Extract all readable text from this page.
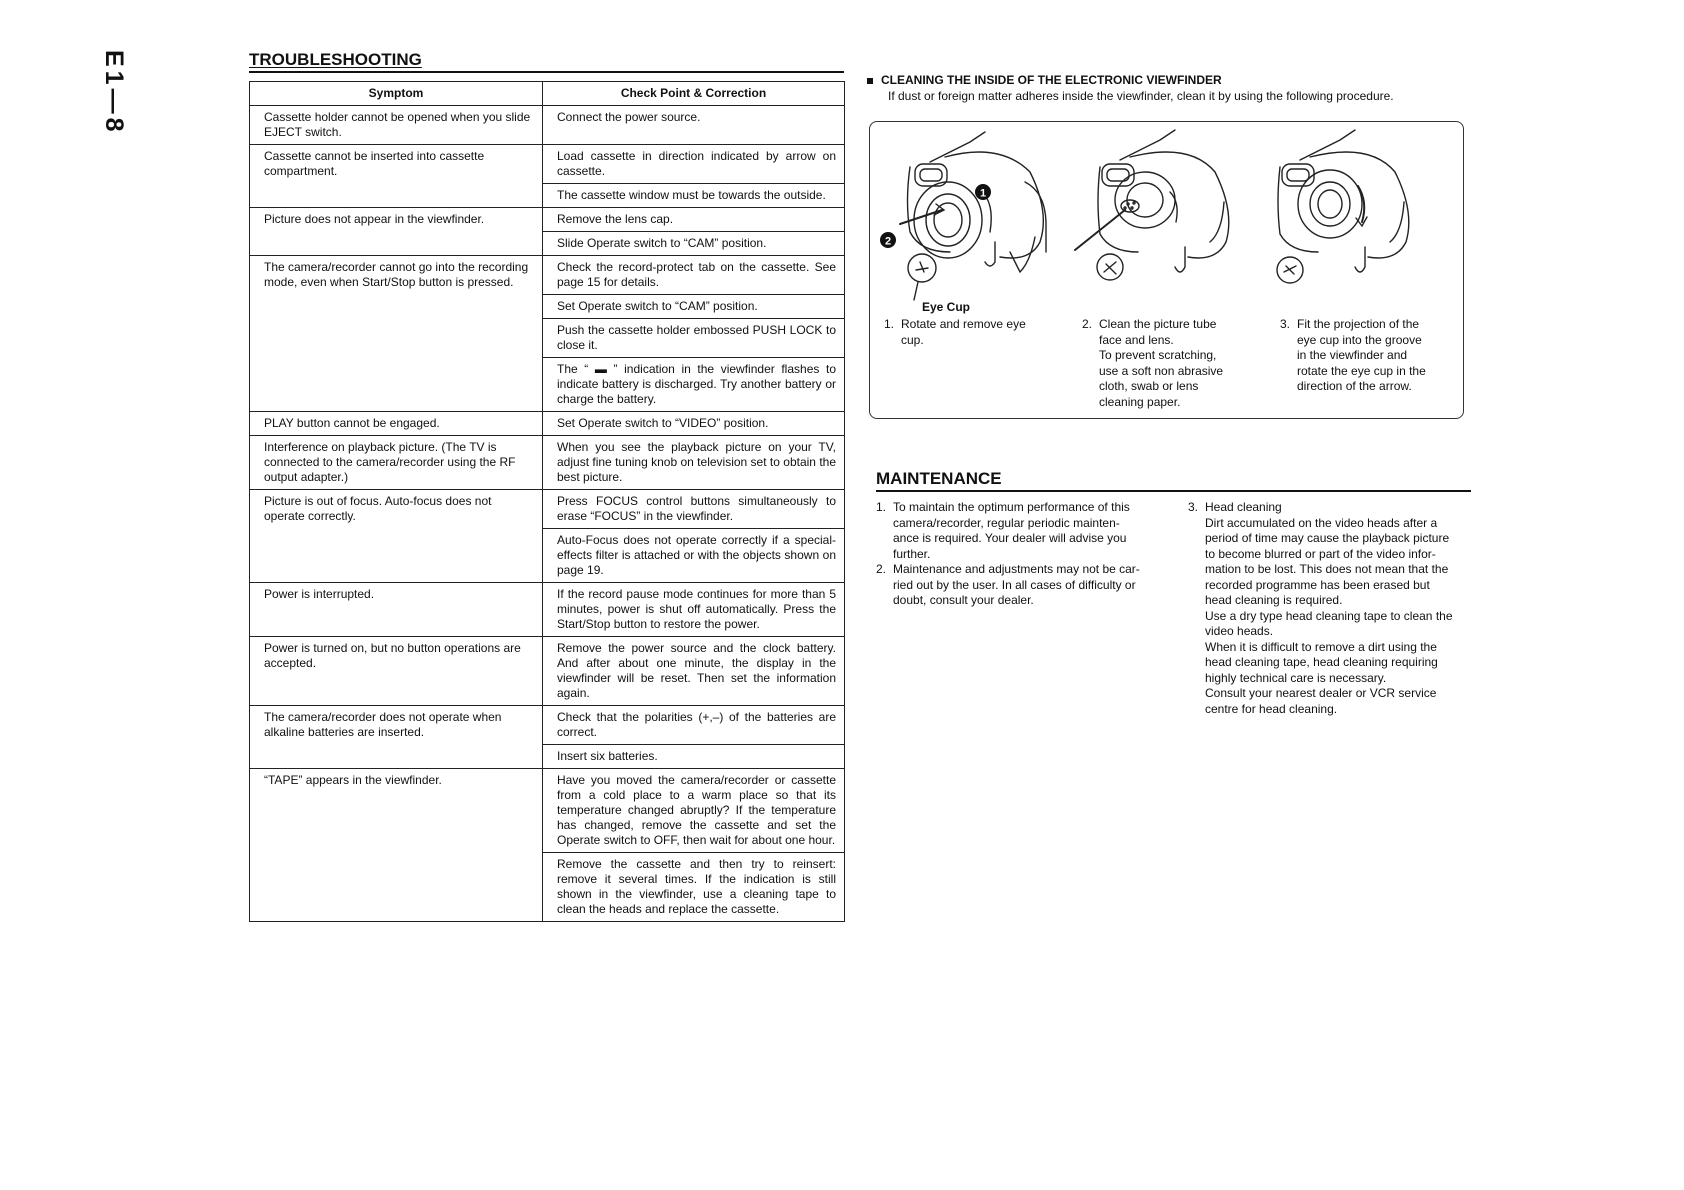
E1—8	TROUBLESHOOTING
Symptom	Check Point & Correction
Cassette holder cannot be opened when you slide EJECT switch.	Connect the power source.
Cassette cannot be inserted into cassette compartment.	Load cassette in direction indicated by arrow on cassette.
	The cassette window must be towards the outside.
Picture does not appear in the viewfinder.	Remove the lens cap.
	Slide Operate switch to “CAM” position.
The camera/recorder cannot go into the recording mode, even when Start/Stop button is pressed.	Check the record-protect tab on the cassette. See page 15 for details.
	Set Operate switch to “CAM” position.
	Push the cassette holder embossed PUSH LOCK to close it.
	The “ ▬ ” indication in the viewfinder flashes to indicate battery is discharged. Try another battery or charge the battery.
PLAY button cannot be engaged.	Set Operate switch to “VIDEO” position.
Interference on playback picture. (The TV is connected to the camera/recorder using the RF output adapter.)	When you see the playback picture on your TV, adjust fine tuning knob on television set to obtain the best picture.
Picture is out of focus. Auto-focus does not operate correctly.	Press FOCUS control buttons simultaneously to erase “FOCUS” in the viewfinder.
	Auto-Focus does not operate correctly if a special-effects filter is attached or with the objects shown on page 19.
Power is interrupted.	If the record pause mode continues for more than 5 minutes, power is shut off automatically. Press the Start/Stop button to restore the power.
Power is turned on, but no button operations are accepted.	Remove the power source and the clock battery. And after about one minute, the display in the viewfinder will be reset. Then set the information again.
The camera/recorder does not operate when alkaline batteries are inserted.	Check that the polarities (+,–) of the batteries are correct.
	Insert six batteries.
“TAPE” appears in the viewfinder.	Have you moved the camera/recorder or cassette from a cold place to a warm place so that its temperature changed abruptly? If the temperature has changed, remove the cassette and set the Operate switch to OFF, then wait for about one hour.
	Remove the cassette and then try to reinsert: remove it several times. If the indication is still shown in the viewfinder, use a cleaning tape to clean the heads and replace the cassette.
CLEANING THE INSIDE OF THE ELECTRONIC VIEWFINDER
If dust or foreign matter adheres inside the viewfinder, clean it by using the following procedure.
1
2
Eye Cup
1. Rotate and remove eye
cup.
2. Clean the picture tube
face and lens.
To prevent scratching,
use a soft non abrasive
cloth, swab or lens
cleaning paper.
3. Fit the projection of the
eye cup into the groove
in the viewfinder and
rotate the eye cup in the
direction of the arrow.
MAINTENANCE
1. To maintain the optimum performance of this
camera/recorder, regular periodic mainten-
ance is required. Your dealer will advise you
further.
2. Maintenance and adjustments may not be car-
ried out by the user. In all cases of difficulty or
doubt, consult your dealer.
3. Head cleaning
Dirt accumulated on the video heads after a
period of time may cause the playback picture
to become blurred or part of the video infor-
mation to be lost. This does not mean that the
recorded programme has been erased but
head cleaning is required.
Use a dry type head cleaning tape to clean the
video heads.
When it is difficult to remove a dirt using the
head cleaning tape, head cleaning requiring
highly technical care is necessary.
Consult your nearest dealer or VCR service
centre for head cleaning.
